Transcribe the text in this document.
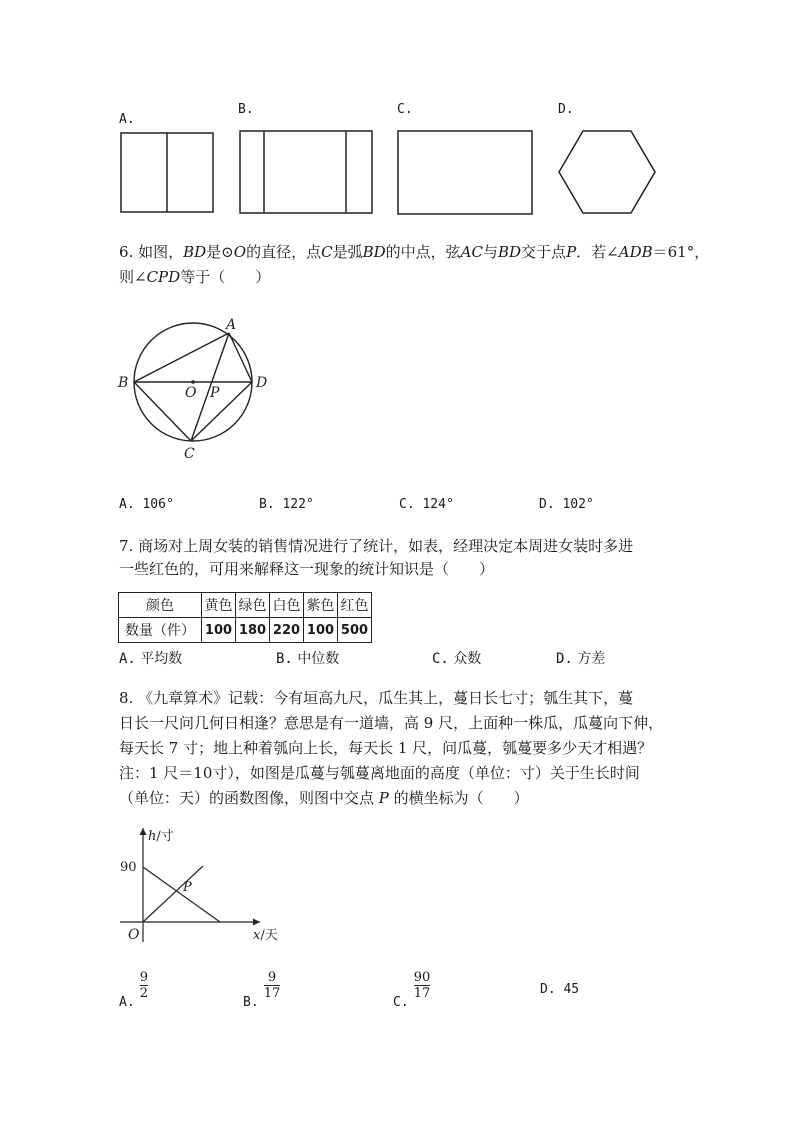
A.
B.	C.	D.
6. 如图，BD是⊙O的直径，点C是弧BD的中点，弦AC与BD交于点P．若∠ADB＝61°，
则∠CPD等于（　　）
A
B	D
C
O P
A. 106°	B. 122°	C. 124°	D. 102°
7. 商场对上周女装的销售情况进行了统计，如表，经理决定本周进女装时多进
一些红色的，可用来解释这一现象的统计知识是（　　）
颜色	黄色	绿色	白色	紫色	红色
数量（件）	100	180	220	100	500
A. 平均数	B. 中位数	C. 众数	D. 方差
8. 《九章算术》记载：今有垣高九尺，瓜生其上，蔓日长七寸；瓠生其下，蔓
日长一尺问几何日相逢？意思是有一道墙，高 9 尺，上面种一株瓜，瓜蔓向下伸，
每天长 7 寸；地上种着瓠向上长，每天长 1 尺，问瓜蔓，瓠蔓要多少天才相遇？
注：1 尺＝10寸），如图是瓜蔓与瓠蔓离地面的高度（单位：寸）关于生长时间
（单位：天）的函数图像，则图中交点 P 的横坐标为（　　）
90
O
P
h/寸
x/天
$_{A.}$
$\frac{9}{2}$
$_{B.}$
$\frac{9}{17}$
$_{C.}$
$\frac{90}{17}$	D. 45
